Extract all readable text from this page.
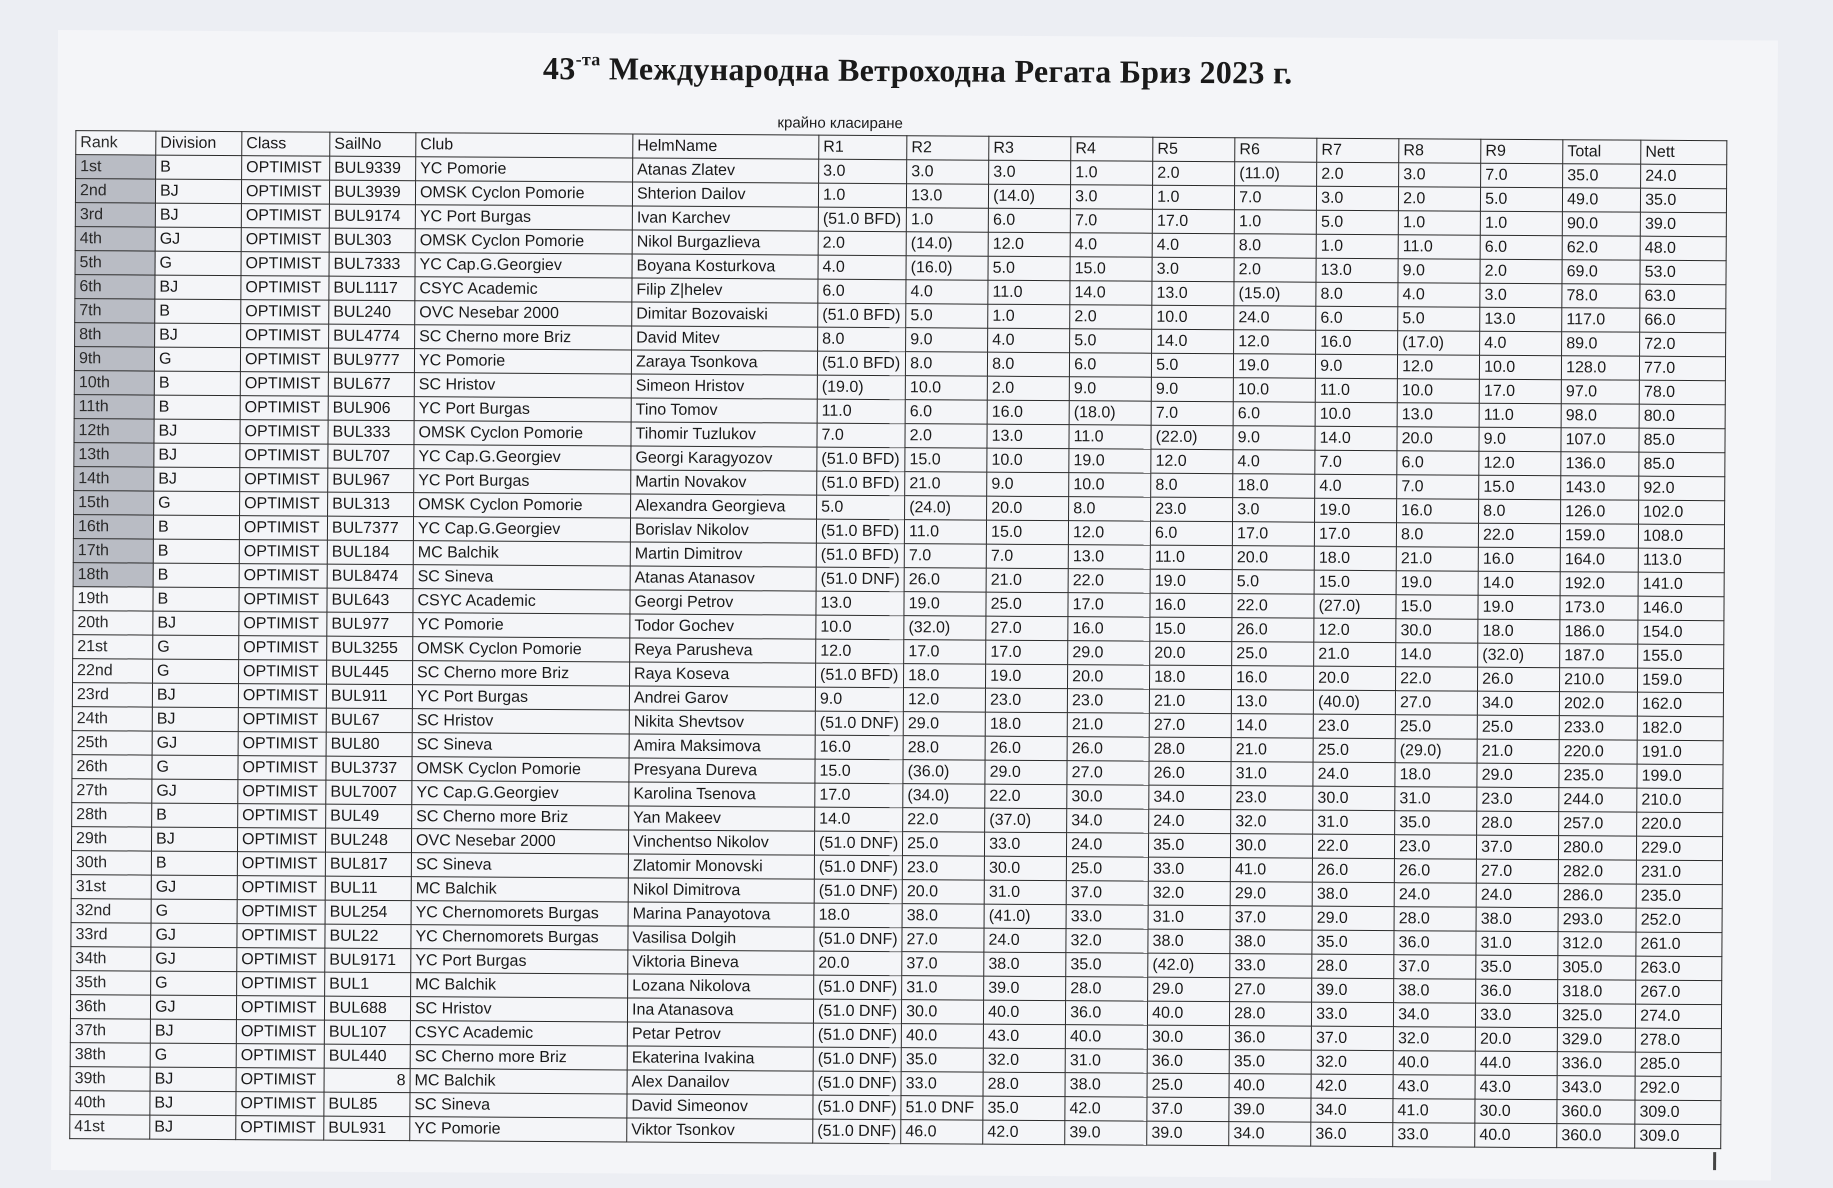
$43^{-та}$ Международна Ветроходна Регата Бриз 2023 г.
крайно класиране
Rank	Division	Class	SailNo	Club	HelmName	R1	R2	R3	R4	R5	R6	R7	R8	R9	Total	Nett
1st	B	OPTIMIST	BUL9339	YC Pomorie	Atanas Zlatev	3.0	3.0	3.0	1.0	2.0	(11.0)	2.0	3.0	7.0	35.0	24.0
2nd	BJ	OPTIMIST	BUL3939	OMSK Cyclon Pomorie	Shterion Dailov	1.0	13.0	(14.0)	3.0	1.0	7.0	3.0	2.0	5.0	49.0	35.0
3rd	BJ	OPTIMIST	BUL9174	YC Port Burgas	Ivan Karchev	(51.0 BFD)	1.0	6.0	7.0	17.0	1.0	5.0	1.0	1.0	90.0	39.0
4th	GJ	OPTIMIST	BUL303	OMSK Cyclon Pomorie	Nikol Burgazlieva	2.0	(14.0)	12.0	4.0	4.0	8.0	1.0	11.0	6.0	62.0	48.0
5th	G	OPTIMIST	BUL7333	YC Cap.G.Georgiev	Boyana Kosturkova	4.0	(16.0)	5.0	15.0	3.0	2.0	13.0	9.0	2.0	69.0	53.0
6th	BJ	OPTIMIST	BUL1117	CSYC Academic	Filip Z|helev	6.0	4.0	11.0	14.0	13.0	(15.0)	8.0	4.0	3.0	78.0	63.0
7th	B	OPTIMIST	BUL240	OVC Nesebar 2000	Dimitar Bozovaiski	(51.0 BFD)	5.0	1.0	2.0	10.0	24.0	6.0	5.0	13.0	117.0	66.0
8th	BJ	OPTIMIST	BUL4774	SC Cherno more Briz	David Mitev	8.0	9.0	4.0	5.0	14.0	12.0	16.0	(17.0)	4.0	89.0	72.0
9th	G	OPTIMIST	BUL9777	YC Pomorie	Zaraya Tsonkova	(51.0 BFD)	8.0	8.0	6.0	5.0	19.0	9.0	12.0	10.0	128.0	77.0
10th	B	OPTIMIST	BUL677	SC Hristov	Simeon Hristov	(19.0)	10.0	2.0	9.0	9.0	10.0	11.0	10.0	17.0	97.0	78.0
11th	B	OPTIMIST	BUL906	YC Port Burgas	Tino Tomov	11.0	6.0	16.0	(18.0)	7.0	6.0	10.0	13.0	11.0	98.0	80.0
12th	BJ	OPTIMIST	BUL333	OMSK Cyclon Pomorie	Tihomir Tuzlukov	7.0	2.0	13.0	11.0	(22.0)	9.0	14.0	20.0	9.0	107.0	85.0
13th	BJ	OPTIMIST	BUL707	YC Cap.G.Georgiev	Georgi Karagyozov	(51.0 BFD)	15.0	10.0	19.0	12.0	4.0	7.0	6.0	12.0	136.0	85.0
14th	BJ	OPTIMIST	BUL967	YC Port Burgas	Martin Novakov	(51.0 BFD)	21.0	9.0	10.0	8.0	18.0	4.0	7.0	15.0	143.0	92.0
15th	G	OPTIMIST	BUL313	OMSK Cyclon Pomorie	Alexandra Georgieva	5.0	(24.0)	20.0	8.0	23.0	3.0	19.0	16.0	8.0	126.0	102.0
16th	B	OPTIMIST	BUL7377	YC Cap.G.Georgiev	Borislav Nikolov	(51.0 BFD)	11.0	15.0	12.0	6.0	17.0	17.0	8.0	22.0	159.0	108.0
17th	B	OPTIMIST	BUL184	MC Balchik	Martin Dimitrov	(51.0 BFD)	7.0	7.0	13.0	11.0	20.0	18.0	21.0	16.0	164.0	113.0
18th	B	OPTIMIST	BUL8474	SC Sineva	Atanas Atanasov	(51.0 DNF)	26.0	21.0	22.0	19.0	5.0	15.0	19.0	14.0	192.0	141.0
19th	B	OPTIMIST	BUL643	CSYC Academic	Georgi Petrov	13.0	19.0	25.0	17.0	16.0	22.0	(27.0)	15.0	19.0	173.0	146.0
20th	BJ	OPTIMIST	BUL977	YC Pomorie	Todor Gochev	10.0	(32.0)	27.0	16.0	15.0	26.0	12.0	30.0	18.0	186.0	154.0
21st	G	OPTIMIST	BUL3255	OMSK Cyclon Pomorie	Reya Parusheva	12.0	17.0	17.0	29.0	20.0	25.0	21.0	14.0	(32.0)	187.0	155.0
22nd	G	OPTIMIST	BUL445	SC Cherno more Briz	Raya Koseva	(51.0 BFD)	18.0	19.0	20.0	18.0	16.0	20.0	22.0	26.0	210.0	159.0
23rd	BJ	OPTIMIST	BUL911	YC Port Burgas	Andrei Garov	9.0	12.0	23.0	23.0	21.0	13.0	(40.0)	27.0	34.0	202.0	162.0
24th	BJ	OPTIMIST	BUL67	SC Hristov	Nikita Shevtsov	(51.0 DNF)	29.0	18.0	21.0	27.0	14.0	23.0	25.0	25.0	233.0	182.0
25th	GJ	OPTIMIST	BUL80	SC Sineva	Amira Maksimova	16.0	28.0	26.0	26.0	28.0	21.0	25.0	(29.0)	21.0	220.0	191.0
26th	G	OPTIMIST	BUL3737	OMSK Cyclon Pomorie	Presyana Dureva	15.0	(36.0)	29.0	27.0	26.0	31.0	24.0	18.0	29.0	235.0	199.0
27th	GJ	OPTIMIST	BUL7007	YC Cap.G.Georgiev	Karolina Tsenova	17.0	(34.0)	22.0	30.0	34.0	23.0	30.0	31.0	23.0	244.0	210.0
28th	B	OPTIMIST	BUL49	SC Cherno more Briz	Yan Makeev	14.0	22.0	(37.0)	34.0	24.0	32.0	31.0	35.0	28.0	257.0	220.0
29th	BJ	OPTIMIST	BUL248	OVC Nesebar 2000	Vinchentso Nikolov	(51.0 DNF)	25.0	33.0	24.0	35.0	30.0	22.0	23.0	37.0	280.0	229.0
30th	B	OPTIMIST	BUL817	SC Sineva	Zlatomir Monovski	(51.0 DNF)	23.0	30.0	25.0	33.0	41.0	26.0	26.0	27.0	282.0	231.0
31st	GJ	OPTIMIST	BUL11	MC Balchik	Nikol Dimitrova	(51.0 DNF)	20.0	31.0	37.0	32.0	29.0	38.0	24.0	24.0	286.0	235.0
32nd	G	OPTIMIST	BUL254	YC Chernomorets Burgas	Marina Panayotova	18.0	38.0	(41.0)	33.0	31.0	37.0	29.0	28.0	38.0	293.0	252.0
33rd	GJ	OPTIMIST	BUL22	YC Chernomorets Burgas	Vasilisa Dolgih	(51.0 DNF)	27.0	24.0	32.0	38.0	38.0	35.0	36.0	31.0	312.0	261.0
34th	GJ	OPTIMIST	BUL9171	YC Port Burgas	Viktoria Bineva	20.0	37.0	38.0	35.0	(42.0)	33.0	28.0	37.0	35.0	305.0	263.0
35th	G	OPTIMIST	BUL1	MC Balchik	Lozana Nikolova	(51.0 DNF)	31.0	39.0	28.0	29.0	27.0	39.0	38.0	36.0	318.0	267.0
36th	GJ	OPTIMIST	BUL688	SC Hristov	Ina Atanasova	(51.0 DNF)	30.0	40.0	36.0	40.0	28.0	33.0	34.0	33.0	325.0	274.0
37th	BJ	OPTIMIST	BUL107	CSYC Academic	Petar Petrov	(51.0 DNF)	40.0	43.0	40.0	30.0	36.0	37.0	32.0	20.0	329.0	278.0
38th	G	OPTIMIST	BUL440	SC Cherno more Briz	Ekaterina Ivakina	(51.0 DNF)	35.0	32.0	31.0	36.0	35.0	32.0	40.0	44.0	336.0	285.0
39th	BJ	OPTIMIST	8	MC Balchik	Alex Danailov	(51.0 DNF)	33.0	28.0	38.0	25.0	40.0	42.0	43.0	43.0	343.0	292.0
40th	BJ	OPTIMIST	BUL85	SC Sineva	David Simeonov	(51.0 DNF)	51.0 DNF	35.0	42.0	37.0	39.0	34.0	41.0	30.0	360.0	309.0
41st	BJ	OPTIMIST	BUL931	YC Pomorie	Viktor Tsonkov	(51.0 DNF)	46.0	42.0	39.0	39.0	34.0	36.0	33.0	40.0	360.0	309.0
